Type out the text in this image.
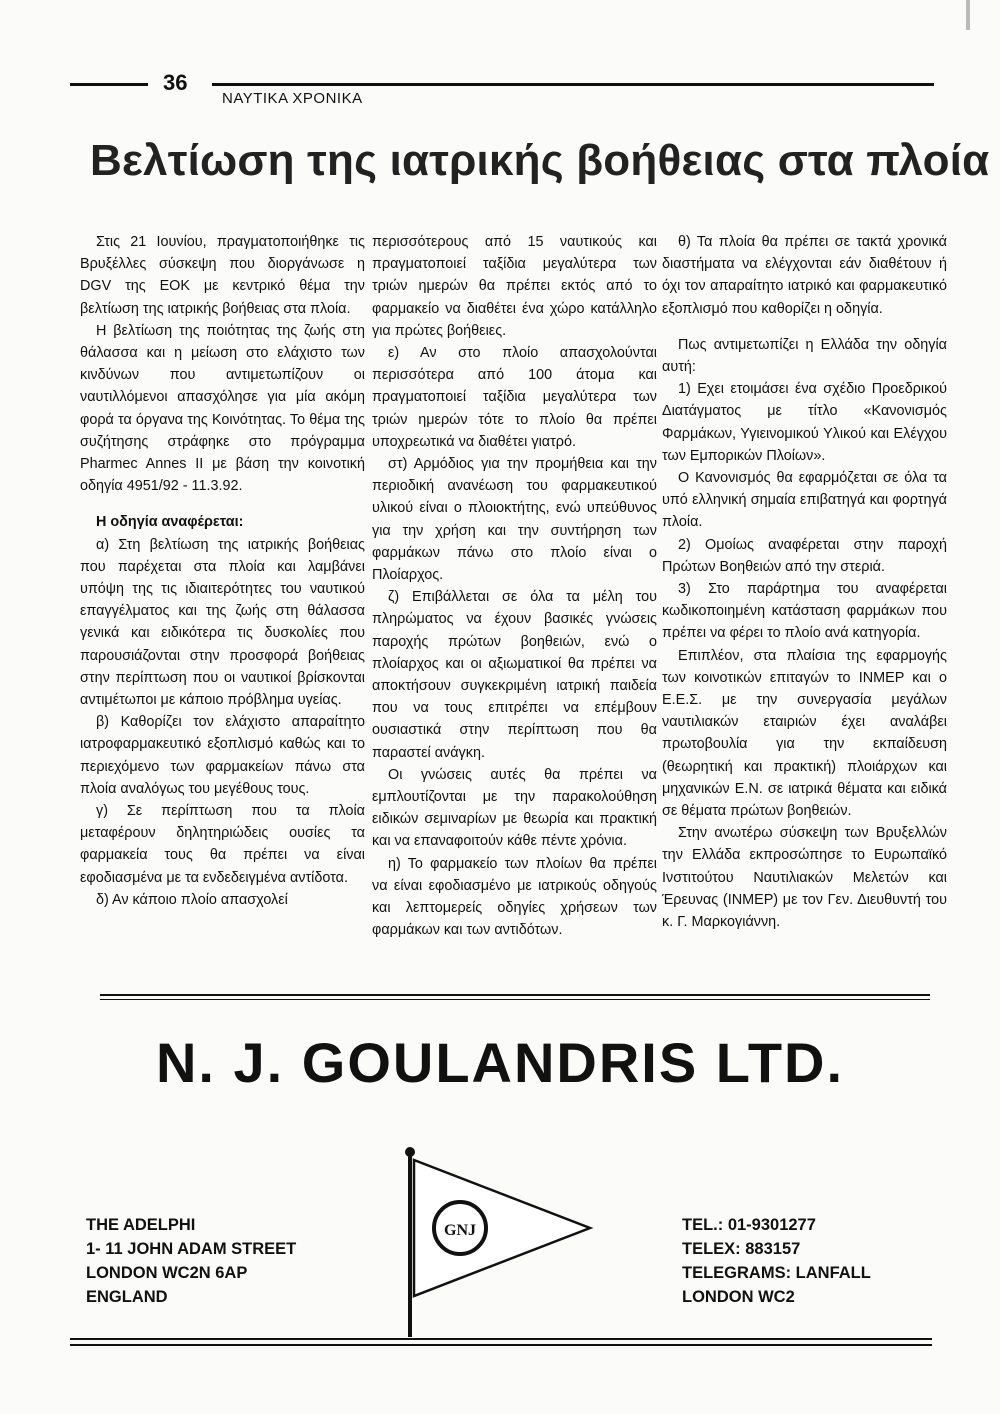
36
ΝΑΥΤΙΚΑ ΧΡΟΝΙΚΑ
Βελτίωση της ιατρικής βοήθειας στα πλοία

Στις 21 Ιουνίου, πραγματοποιήθηκε τις Βρυξέλλες σύσκεψη που διοργάνωσε η DGV της ΕΟΚ με κεντρικό θέμα την βελτίωση της ιατρικής βοήθειας στα πλοία.

Η βελτίωση της ποιότητας της ζωής στη θάλασσα και η μείωση στο ελάχιστο των κινδύνων που αντιμετωπίζουν οι ναυτιλλόμενοι απασχόλησε για μία ακόμη φορά τα όργανα της Κοινότητας. Το θέμα της συζήτησης στράφηκε στο πρόγραμμα Pharmec Annes II με βάση την κοινοτική οδηγία 4951/92 - 11.3.92.

Η οδηγία αναφέρεται:

α) Στη βελτίωση της ιατρικής βοήθειας που παρέχεται στα πλοία και λαμβάνει υπόψη της τις ιδιαιτερότητες του ναυτικού επαγγέλματος και της ζωής στη θάλασσα γενικά και ειδικότερα τις δυσκολίες που παρουσιάζονται στην προσφορά βοήθειας στην περίπτωση που οι ναυτικοί βρίσκονται αντιμέτωποι με κάποιο πρόβλημα υγείας.

β) Καθορίζει τον ελάχιστο απαραίτητο ιατροφαρμακευτικό εξοπλισμό καθώς και το περιεχόμενο των φαρμακείων πάνω στα πλοία αναλόγως του μεγέθους τους.

γ) Σε περίπτωση που τα πλοία μεταφέρουν δηλητηριώδεις ουσίες τα φαρμακεία τους θα πρέπει να είναι εφοδιασμένα με τα ενδεδειγμένα αντίδοτα.

δ) Αν κάποιο πλοίο απασχολεί

περισσότερους από 15 ναυτικούς και πραγματοποιεί ταξίδια μεγαλύτερα των τριών ημερών θα πρέπει εκτός από το φαρμακείο να διαθέτει ένα χώρο κατάλληλο για πρώτες βοήθειες.

ε) Αν στο πλοίο απασχολούνται περισσότερα από 100 άτομα και πραγματοποιεί ταξίδια μεγαλύτερα των τριών ημερών τότε το πλοίο θα πρέπει υποχρεωτικά να διαθέτει γιατρό.

στ) Αρμόδιος για την προμήθεια και την περιοδική ανανέωση του φαρμακευτικού υλικού είναι ο πλοιοκτήτης, ενώ υπεύθυνος για την χρήση και την συντήρηση των φαρμάκων πάνω στο πλοίο είναι ο Πλοίαρχος.

ζ) Επιβάλλεται σε όλα τα μέλη του πληρώματος να έχουν βασικές γνώσεις παροχής πρώτων βοηθειών, ενώ ο πλοίαρχος και οι αξιωματικοί θα πρέπει να αποκτήσουν συγκεκριμένη ιατρική παιδεία που να τους επιτρέπει να επέμβουν ουσιαστικά στην περίπτωση που θα παραστεί ανάγκη.

Οι γνώσεις αυτές θα πρέπει να εμπλουτίζονται με την παρακολούθηση ειδικών σεμιναρίων με θεωρία και πρακτική και να επαναφοιτούν κάθε πέντε χρόνια.

η) Το φαρμακείο των πλοίων θα πρέπει να είναι εφοδιασμένο με ιατρικούς οδηγούς και λεπτομερείς οδηγίες χρήσεων των φαρμάκων και των αντιδότων.

θ) Τα πλοία θα πρέπει σε τακτά χρονικά διαστήματα να ελέγχονται εάν διαθέτουν ή όχι τον απαραίτητο ιατρικό και φαρμακευτικό εξοπλισμό που καθορίζει η οδηγία.

Πως αντιμετωπίζει η Ελλάδα την οδηγία αυτή:

1) Εχει ετοιμάσει ένα σχέδιο Προεδρικού Διατάγματος με τίτλο «Κανονισμός Φαρμάκων, Υγιεινομικού Υλικού και Ελέγχου των Εμπορικών Πλοίων».

Ο Κανονισμός θα εφαρμόζεται σε όλα τα υπό ελληνική σημαία επιβατηγά και φορτηγά πλοία.

2) Ομοίως αναφέρεται στην παροχή Πρώτων Βοηθειών από την στεριά.

3) Στο παράρτημα του αναφέρεται κωδικοποιημένη κατάσταση φαρμάκων που πρέπει να φέρει το πλοίο ανά κατηγορία.

Επιπλέον, στα πλαίσια της εφαρμογής των κοινοτικών επιταγών το INMEP και ο Ε.Ε.Σ. με την συνεργασία μεγάλων ναυτιλιακών εταιριών έχει αναλάβει πρωτοβουλία για την εκπαίδευση (θεωρητική και πρακτική) πλοιάρχων και μηχανικών Ε.Ν. σε ιατρικά θέματα και ειδικά σε θέματα πρώτων βοηθειών.

Στην ανωτέρω σύσκεψη των Βρυξελλών την Ελλάδα εκπροσώπησε το Ευρωπαϊκό Ινστιτούτου Ναυτιλιακών Μελετών και Έρευνας (INMEP) με τον Γεν. Διευθυντή του κ. Γ. Μαρκογιάννη.

N. J. GOULANDRIS LTD.
GNJ
THE ADELPHI
1- 11 JOHN ADAM STREET
LONDON WC2N 6AP
ENGLAND
TEL.: 01-9301277
TELEX: 883157
TELEGRAMS: LANFALL
LONDON WC2
